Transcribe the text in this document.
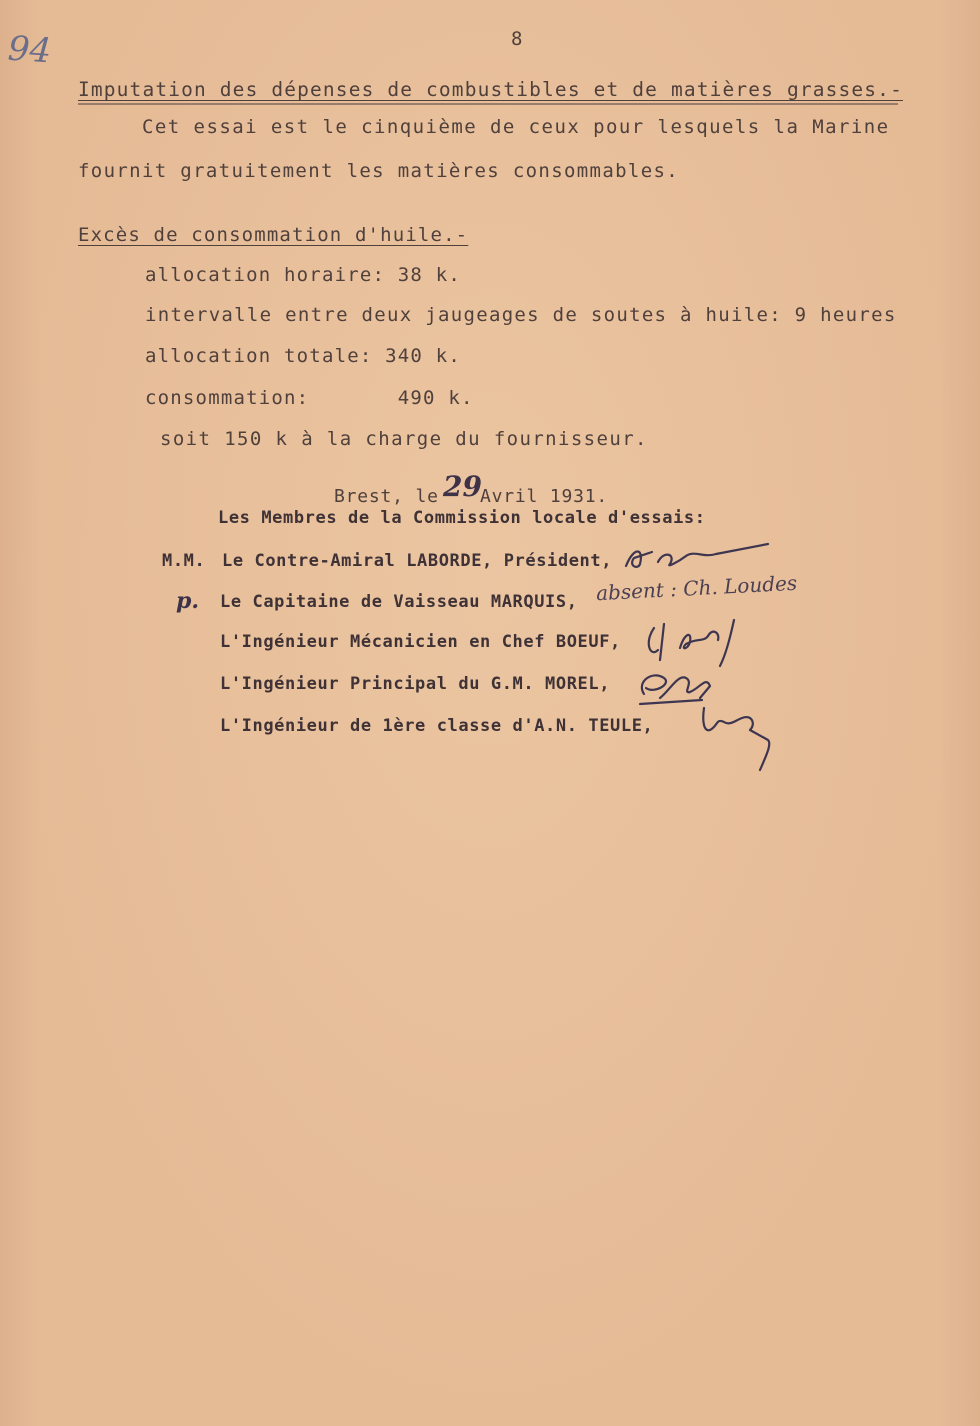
94	8
Imputation des dépenses de combustibles et de matières grasses.-
Cet essai est le cinquième de ceux pour lesquels la Marine
fournit gratuitement les matières consommables.
Excès de consommation d'huile.-
allocation horaire: 38 k.
intervalle entre deux jaugeages de soutes à huile: 9 heures
allocation totale: 340 k.
consommation:       490 k.
soit 150 k à la charge du fournisseur.
Brest, le 29
Avril 1931.
Les Membres de la Commission locale d'essais:
M.M. Le Contre-Amiral LABORDE, Président,
p. Le Capitaine de Vaisseau MARQUIS, absent : Ch. Loudes
L'Ingénieur Mécanicien en Chef BOEUF,
L'Ingénieur Principal du G.M. MOREL,
L'Ingénieur de 1ère classe d'A.N. TEULE,
